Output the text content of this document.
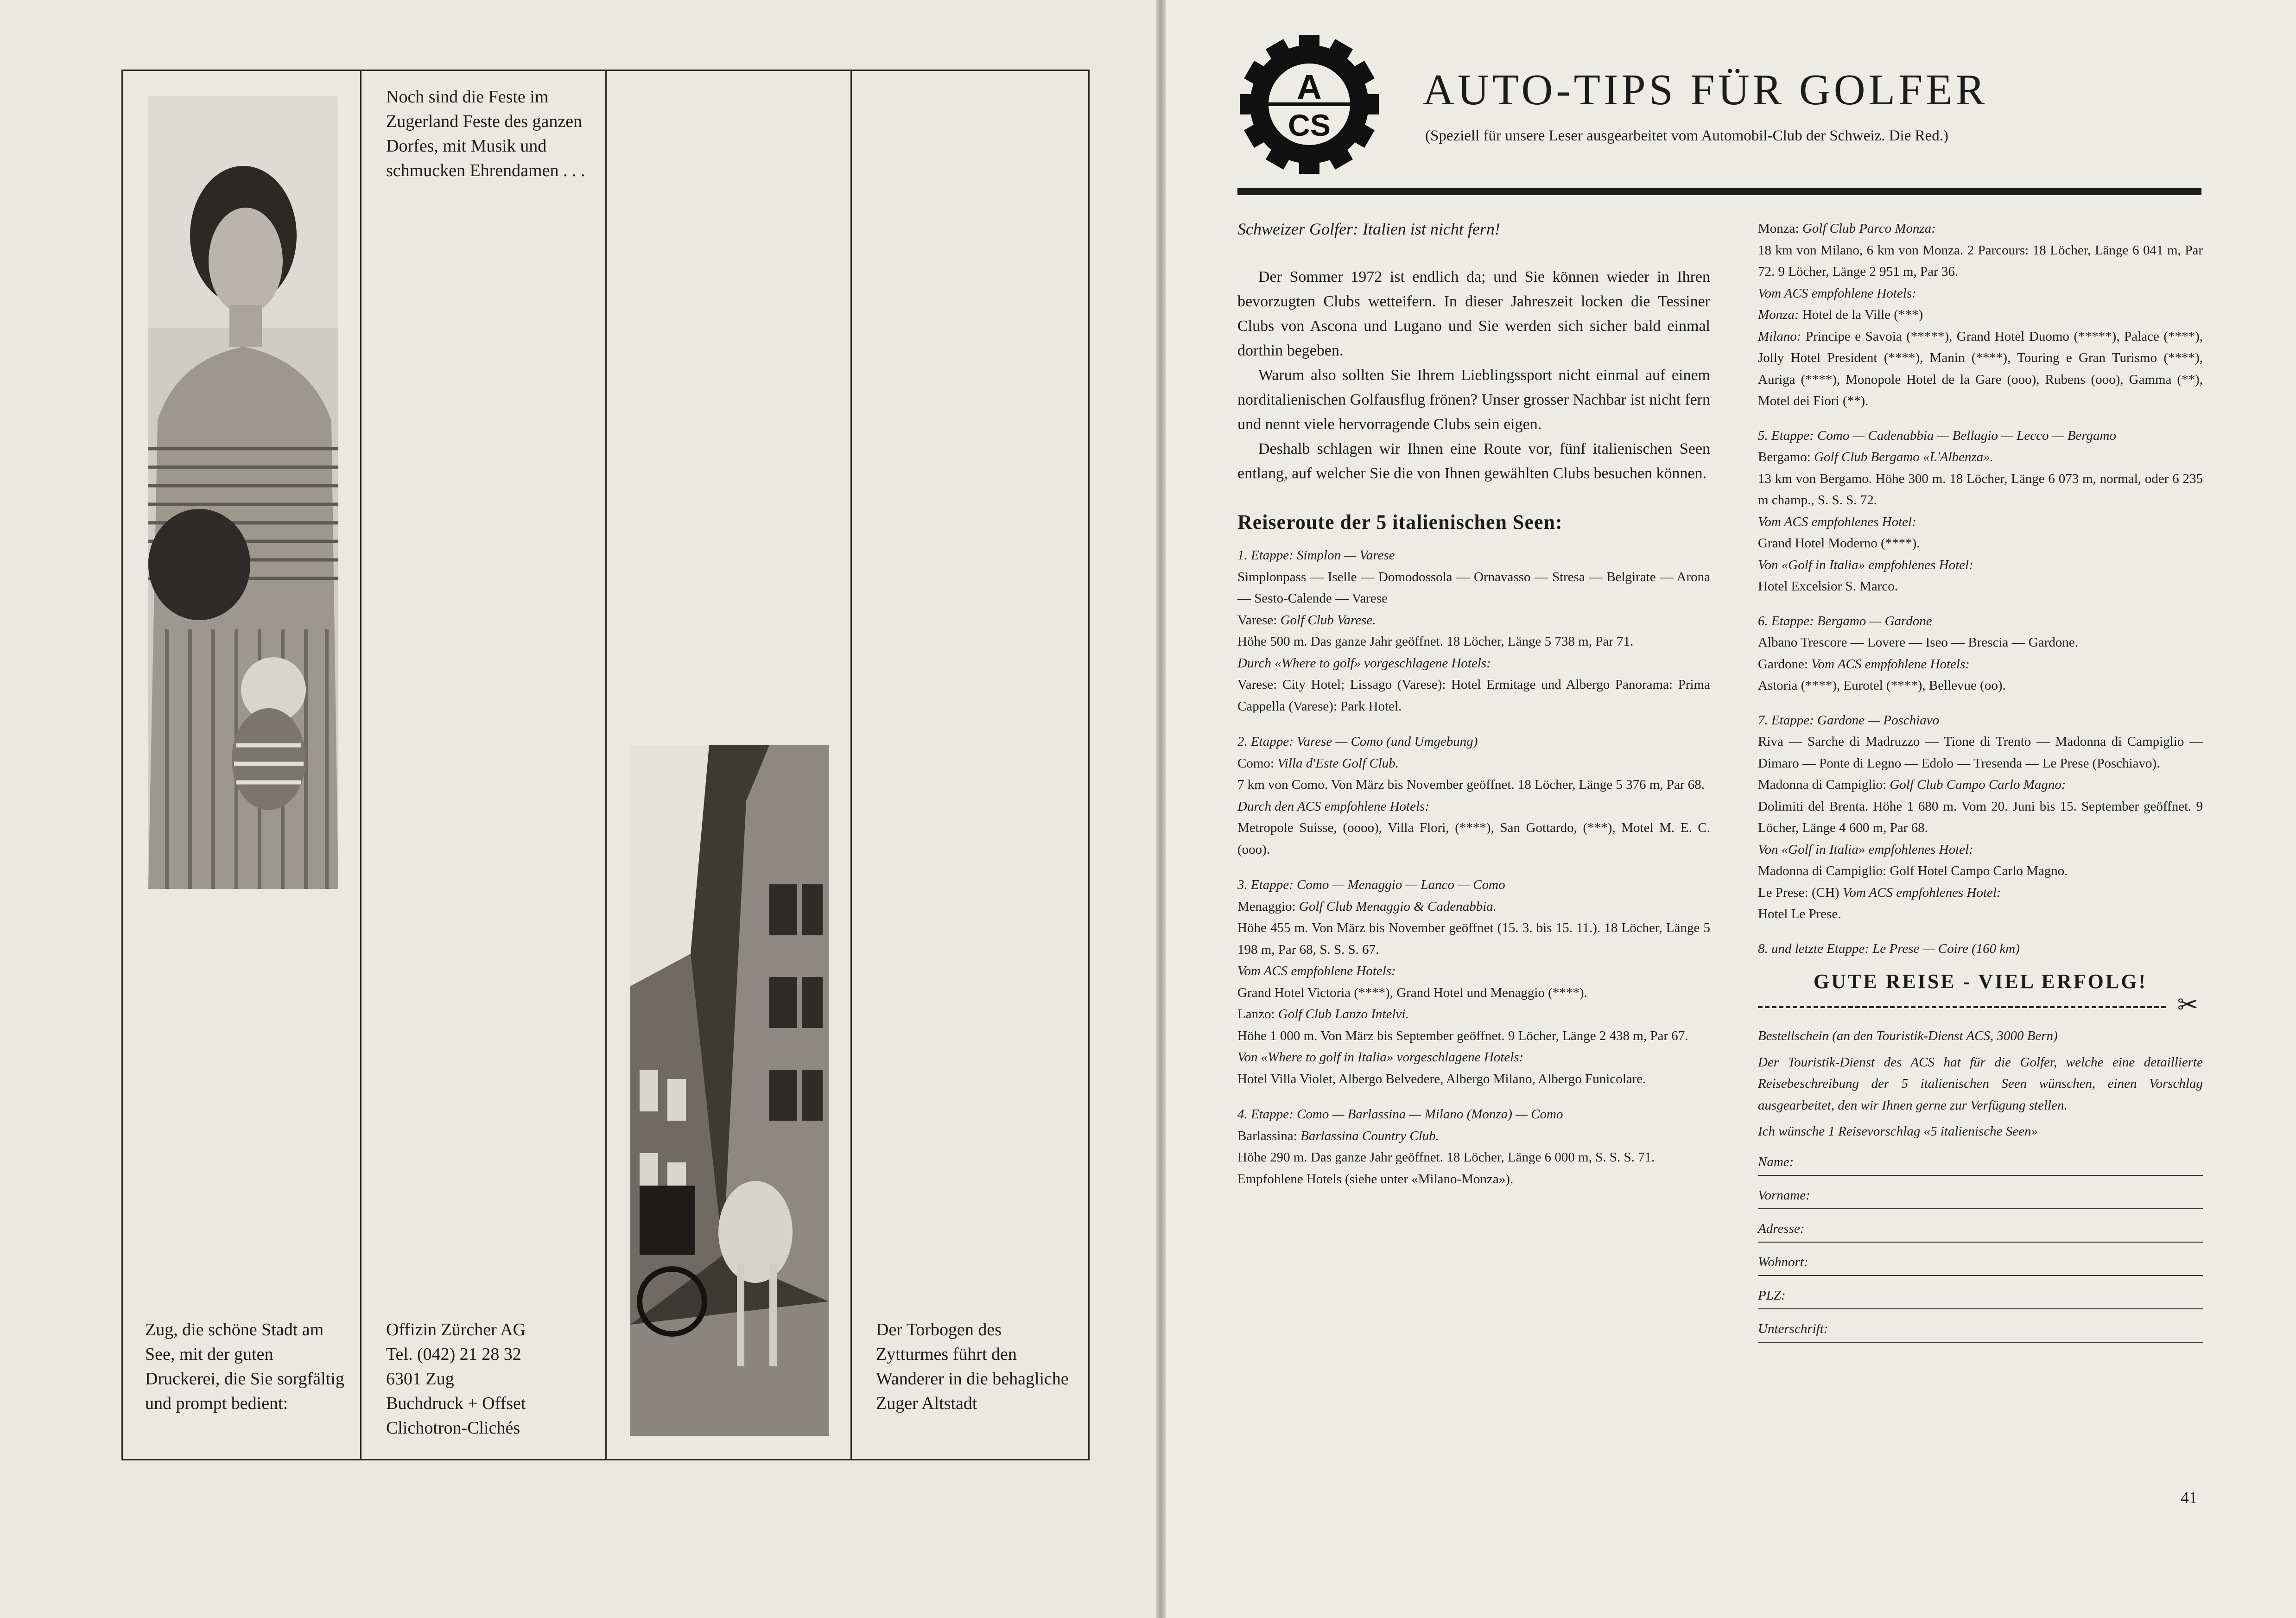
Noch sind die Feste im Zugerland Feste des ganzen Dorfes, mit Musik und schmucken Ehrendamen . . .
Zug, die schöne Stadt am See, mit der guten Druckerei, die Sie sorgfältig und prompt bedient:
Offizin Zürcher AG
Tel. (042) 21 28 32
6301 Zug
Buchdruck + Offset
Clichotron-Clichés
Der Torbogen des Zytturmes führt den Wanderer in die behagliche Zuger Altstadt
A
CS
AUTO-TIPS FÜR GOLFER
(Speziell für unsere Leser ausgearbeitet vom Automobil-Club der Schweiz. Die Red.)
Schweizer Golfer: Italien ist nicht fern!
Der Sommer 1972 ist endlich da; und Sie können wieder in Ihren bevorzugten Clubs wetteifern. In dieser Jahreszeit locken die Tessiner Clubs von Ascona und Lugano und Sie werden sich sicher bald einmal dorthin begeben.
Warum also sollten Sie Ihrem Lieblingssport nicht einmal auf einem norditalienischen Golfausflug frönen? Unser grosser Nachbar ist nicht fern und nennt viele hervorragende Clubs sein eigen.
Deshalb schlagen wir Ihnen eine Route vor, fünf italienischen Seen entlang, auf welcher Sie die von Ihnen gewählten Clubs besuchen können.
Reiseroute der 5 italienischen Seen:
1. Etappe: Simplon — Varese
Simplonpass — Iselle — Domodossola — Ornavasso — Stresa — Belgirate — Arona — Sesto-Calende — Varese
Varese: Golf Club Varese.
Höhe 500 m. Das ganze Jahr geöffnet. 18 Löcher, Länge 5 738 m, Par 71.
Durch «Where to golf» vorgeschlagene Hotels:
Varese: City Hotel; Lissago (Varese): Hotel Ermitage und Albergo Panorama: Prima Cappella (Varese): Park Hotel.
2. Etappe: Varese — Como (und Umgebung)
Como: Villa d'Este Golf Club.
7 km von Como. Von März bis November geöffnet. 18 Löcher, Länge 5 376 m, Par 68.
Durch den ACS empfohlene Hotels:
Metropole Suisse, (oooo), Villa Flori, (****), San Gottardo, (***), Motel M. E. C. (ooo).
3. Etappe: Como — Menaggio — Lanco — Como
Menaggio: Golf Club Menaggio & Cadenabbia.
Höhe 455 m. Von März bis November geöffnet (15. 3. bis 15. 11.). 18 Löcher, Länge 5 198 m, Par 68, S. S. S. 67.
Vom ACS empfohlene Hotels:
Grand Hotel Victoria (****), Grand Hotel und Menaggio (****).
Lanzo: Golf Club Lanzo Intelvi.
Höhe 1 000 m. Von März bis September geöffnet. 9 Löcher, Länge 2 438 m, Par 67.
Von «Where to golf in Italia» vorgeschlagene Hotels:
Hotel Villa Violet, Albergo Belvedere, Albergo Milano, Albergo Funicolare.
4. Etappe: Como — Barlassina — Milano (Monza) — Como
Barlassina: Barlassina Country Club.
Höhe 290 m. Das ganze Jahr geöffnet. 18 Löcher, Länge 6 000 m, S. S. S. 71.
Empfohlene Hotels (siehe unter «Milano-Monza»).
Monza: Golf Club Parco Monza:
18 km von Milano, 6 km von Monza. 2 Parcours: 18 Löcher, Länge 6 041 m, Par 72. 9 Löcher, Länge 2 951 m, Par 36.
Vom ACS empfohlene Hotels:
Monza: Hotel de la Ville (***)
Milano: Principe e Savoia (*****), Grand Hotel Duomo (*****), Palace (****), Jolly Hotel President (****), Manin (****), Touring e Gran Turismo (****), Auriga (****), Monopole Hotel de la Gare (ooo), Rubens (ooo), Gamma (**), Motel dei Fiori (**).
5. Etappe: Como — Cadenabbia — Bellagio — Lecco — Bergamo
Bergamo: Golf Club Bergamo «L'Albenza».
13 km von Bergamo. Höhe 300 m. 18 Löcher, Länge 6 073 m, normal, oder 6 235 m champ., S. S. S. 72.
Vom ACS empfohlenes Hotel:
Grand Hotel Moderno (****).
Von «Golf in Italia» empfohlenes Hotel:
Hotel Excelsior S. Marco.
6. Etappe: Bergamo — Gardone
Albano Trescore — Lovere — Iseo — Brescia — Gardone.
Gardone: Vom ACS empfohlene Hotels:
Astoria (****), Eurotel (****), Bellevue (oo).
7. Etappe: Gardone — Poschiavo
Riva — Sarche di Madruzzo — Tione di Trento — Madonna di Campiglio — Dimaro — Ponte di Legno — Edolo — Tresenda — Le Prese (Poschiavo).
Madonna di Campiglio: Golf Club Campo Carlo Magno:
Dolimiti del Brenta. Höhe 1 680 m. Vom 20. Juni bis 15. September geöffnet. 9 Löcher, Länge 4 600 m, Par 68.
Von «Golf in Italia» empfohlenes Hotel:
Madonna di Campiglio: Golf Hotel Campo Carlo Magno.
Le Prese: (CH) Vom ACS empfohlenes Hotel:
Hotel Le Prese.
8. und letzte Etappe: Le Prese — Coire (160 km)
GUTE REISE - VIEL ERFOLG!
✂
Bestellschein (an den Touristik-Dienst ACS, 3000 Bern)
Der Touristik-Dienst des ACS hat für die Golfer, welche eine detaillierte Reisebeschreibung der 5 italienischen Seen wünschen, einen Vorschlag ausgearbeitet, den wir Ihnen gerne zur Verfügung stellen.
Ich wünsche 1 Reisevorschlag «5 italienische Seen»
Name:
Vorname:
Adresse:
Wohnort:
PLZ:
Unterschrift:
41
